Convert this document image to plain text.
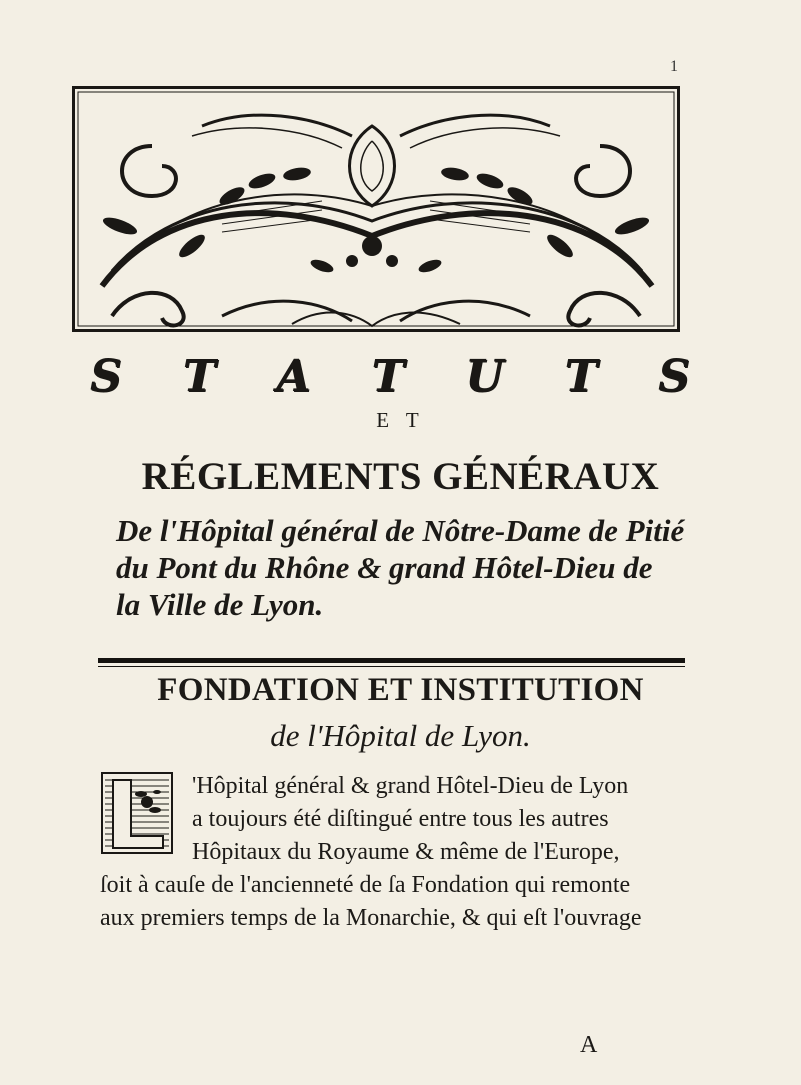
1
S T A T U T S
E T
RÉGLEMENTS GÉNÉRAUX
De l'Hôpital général de Nôtre-Dame de Pitié
du Pont du Rhône & grand Hôtel-Dieu de
la Ville de Lyon.
FONDATION ET INSTITUTION
de l'Hôpital de Lyon.
'Hôpital général & grand Hôtel-Dieu de Lyon
a toujours été diſtingué entre tous les autres
Hôpitaux du Royaume & même de l'Europe,
ſoit à cauſe de l'ancienneté de ſa Fondation qui remonte
aux premiers temps de la Monarchie, & qui eſt l'ouvrage
A
